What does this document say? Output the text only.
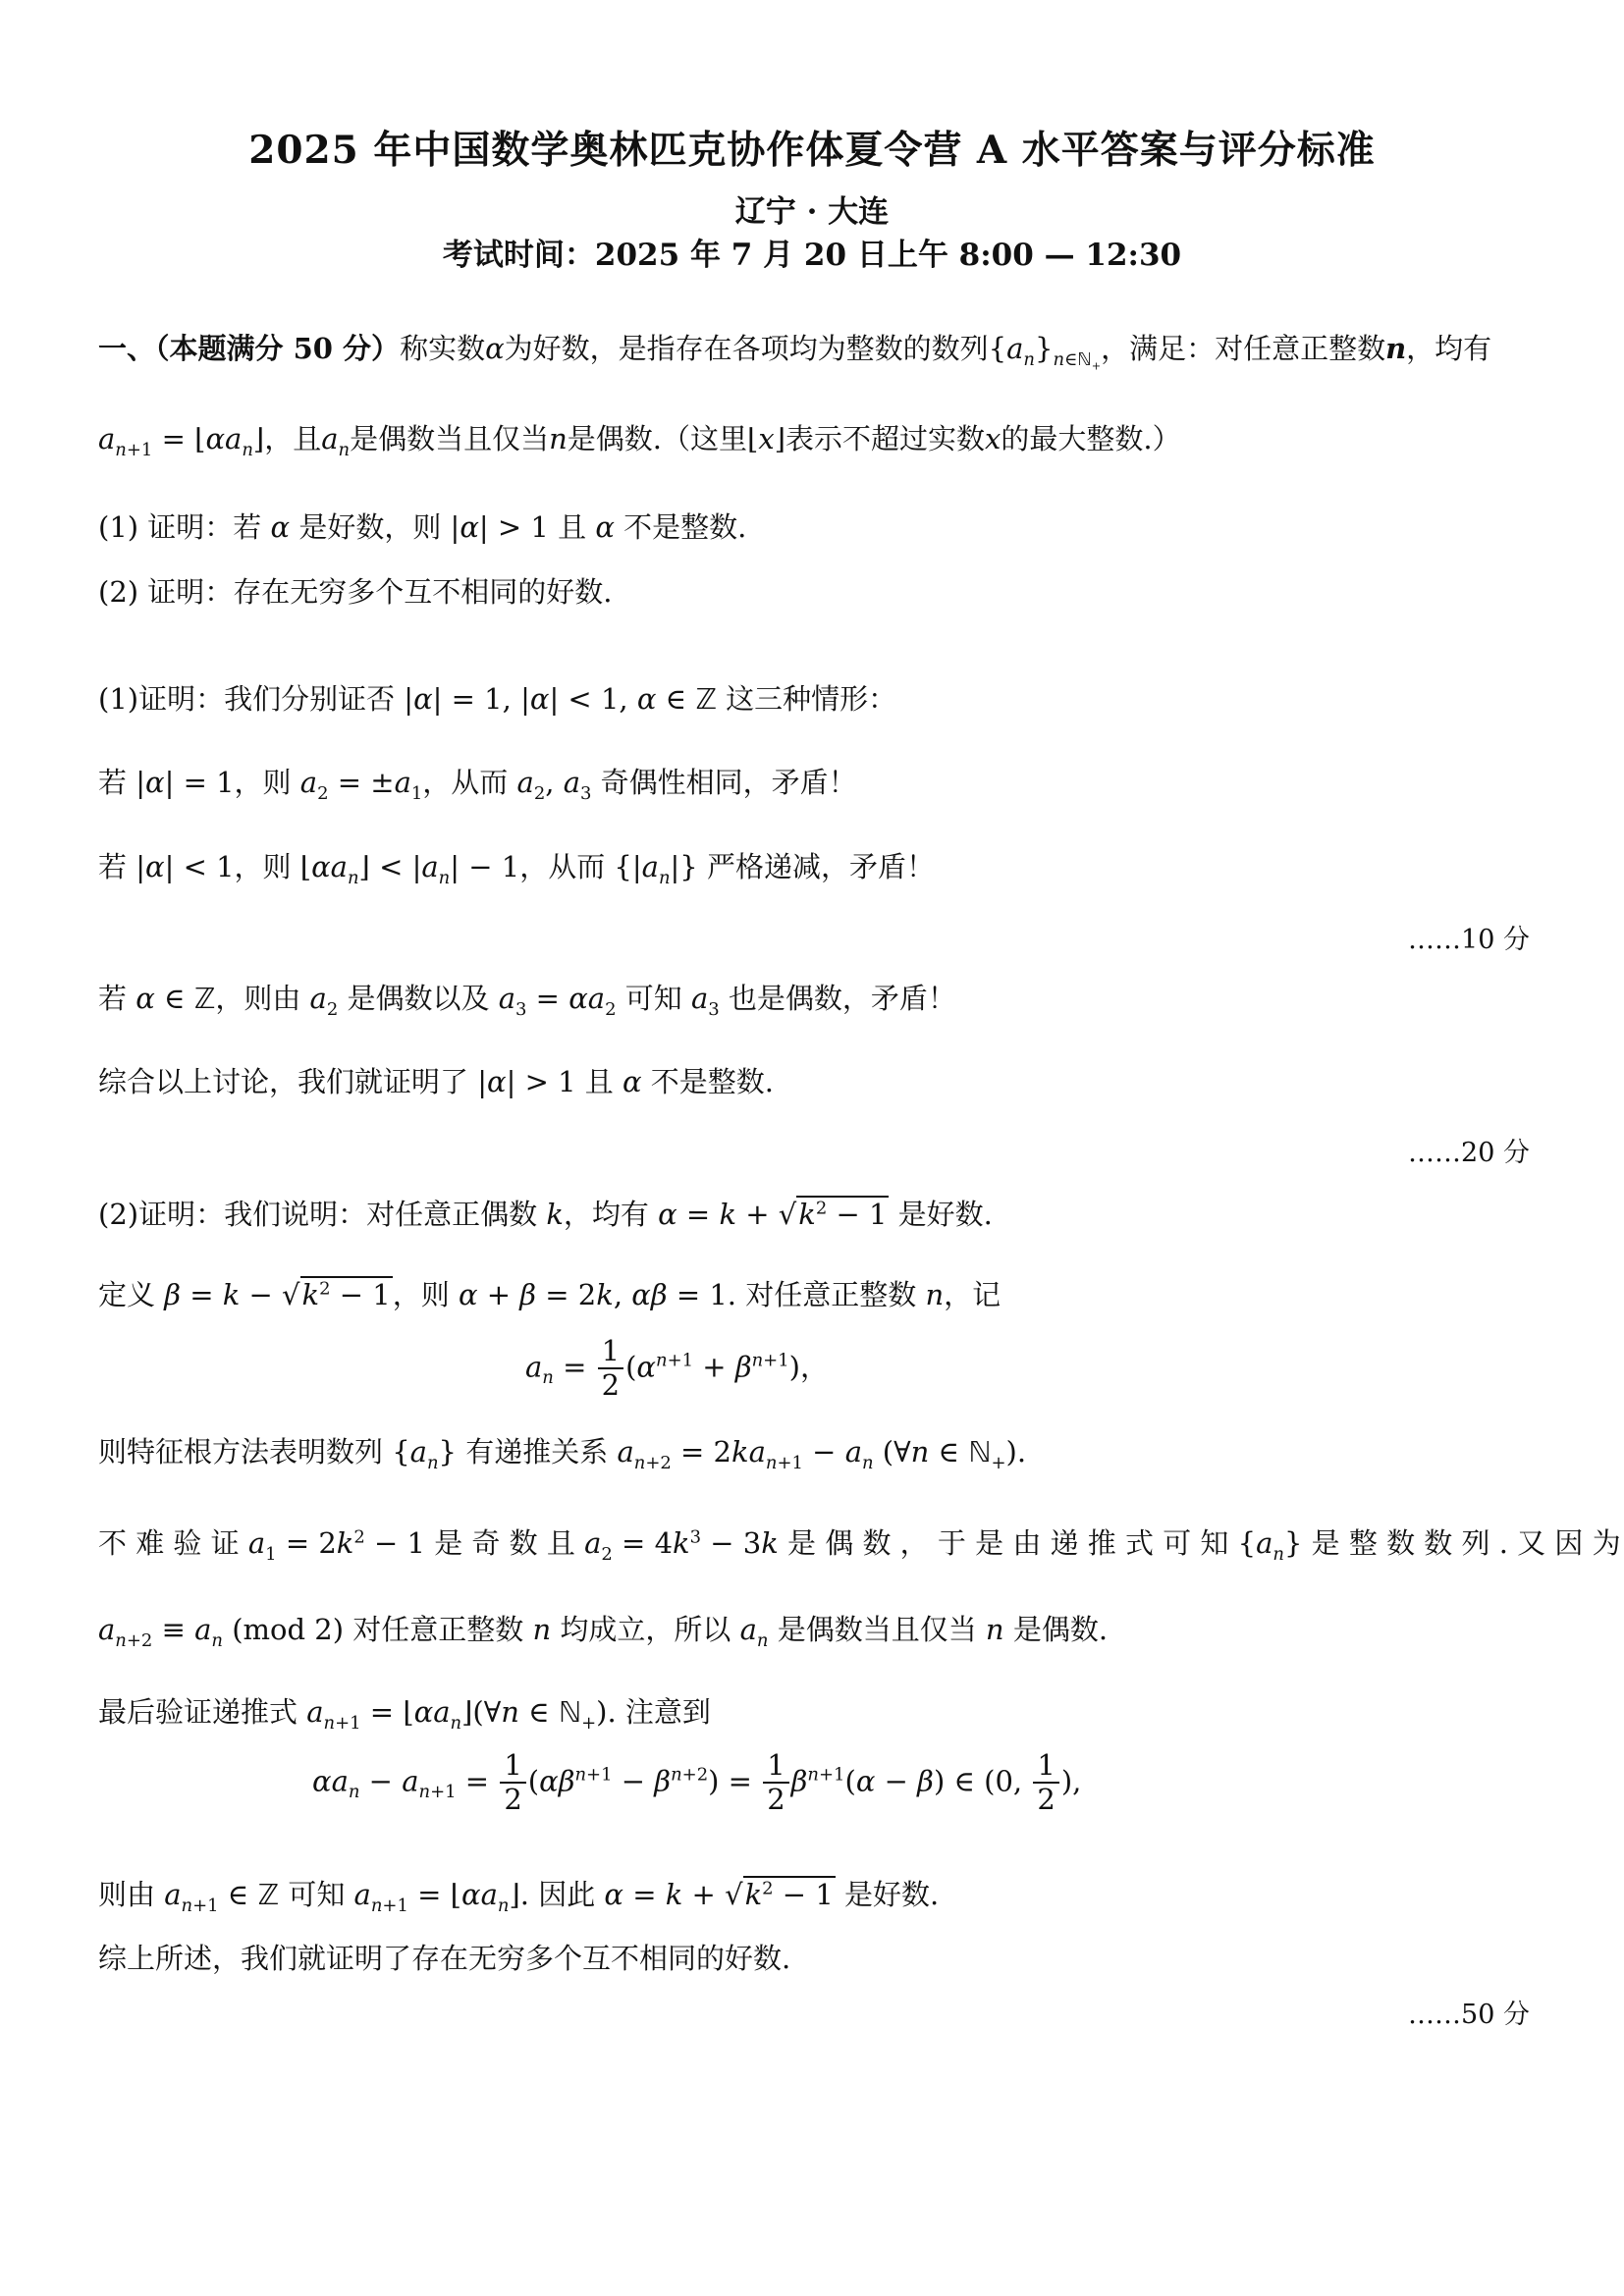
2025 年中国数学奥林匹克协作体夏令营 A 水平答案与评分标准
辽宁 · 大连
考试时间：2025 年 7 月 20 日上午 8:00 — 12:30
一、（本题满分 50 分）称实数α为好数，是指存在各项均为整数的数列$\{a_n\}_{n\in ℕ_+}$，满足：对任意正整数n，均有
$a_{n+1}$ = $⌊\alpha a_n⌋$，且$a_n$是偶数当且仅当n是偶数.（这里⌊x⌋表示不超过实数x的最大整数.）
(1) 证明：若 α 是好数，则 |α| > 1 且 α 不是整数.
(2) 证明：存在无穷多个互不相同的好数.
(1)证明：我们分别证否 |α| = 1, |α| < 1, α ∈ ℤ 这三种情形：
若 |α| = 1，则 $a_2 = \pm a_1$，从而 $a_2$, $a_3$ 奇偶性相同，矛盾！
若 |α| < 1，则 $⌊\alpha a_n⌋ < |a_n| - 1$，从而 $\{|a_n|\}$ 严格递减，矛盾！
……10 分
若 α ∈ ℤ，则由 $a_2$ 是偶数以及 $a_3 = \alpha a_2$ 可知 $a_3$ 也是偶数，矛盾！
综合以上讨论，我们就证明了 |α| > 1 且 α 不是整数.
……20 分
(2)证明：我们说明：对任意正偶数 k，均有 $\alpha = k + √k^2 - 1$ 是好数.
定义 $\beta = k - √k^2 - 1$，则 α + β = 2k, αβ = 1. 对任意正整数 n，记
$a_n = \frac{1}{2} (\alpha^{n+1} + \beta^{n+1})$，
则特征根方法表明数列 $\{a_n\}$ 有递推关系 $a_{n+2} = 2ka_{n+1} - a_n$ (∀n ∈ ℕ$_+$).
不 难 验 证 $a_1 = 2k^2 - 1$ 是 奇 数 且 $a_2 = 4k^3 - 3k$ 是 偶 数 ， 于 是 由 递 推 式 可 知 $\{a_n\}$ 是 整 数 数 列 . 又 因 为
$a_{n+2} \equiv a_n$ (mod 2) 对任意正整数 n 均成立，所以 $a_n$ 是偶数当且仅当 n 是偶数.
最后验证递推式 $a_{n+1}$ = $⌊\alpha a_n⌋(\forall n$ ∈ ℕ$_+$). 注意到
$\alpha a_n - a_{n+1} = \frac{1}{2} (\alpha\beta^{n+1} - \beta^{n+2}) = \frac{1}{2} \beta^{n+1}(\alpha - \beta)$ ∈ (0, $\frac{1}{2}$ ),
则由 $a_{n+1}$ ∈ ℤ 可知 $a_{n+1}$ = $⌊\alpha a_n⌋$. 因此 $\alpha = k + √k^2 - 1$ 是好数.
综上所述，我们就证明了存在无穷多个互不相同的好数.
……50 分
